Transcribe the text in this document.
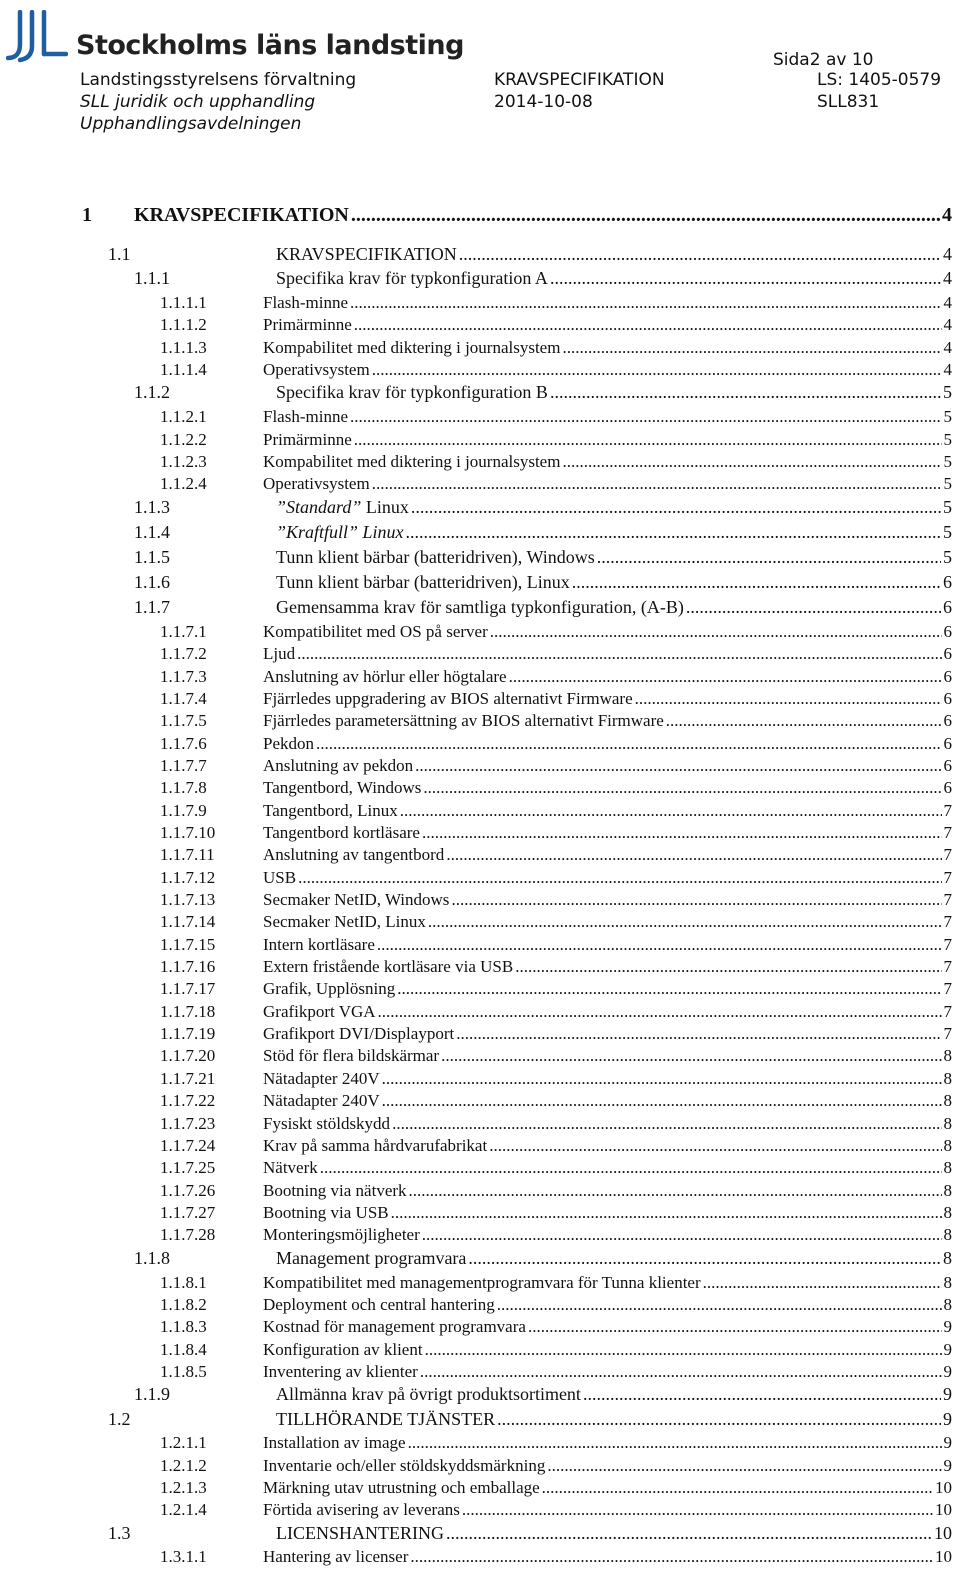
Stockholms läns landsting
Landstingsstyrelsens förvaltning
SLL juridik och upphandling
Upphandlingsavdelningen
Sida2 av 10
KRAVSPECIFIKATION
2014-10-08
LS: 1405-0579
SLL831
1 KRAVSPECIFIKATION .....	4
1.1	KRAVSPECIFIKATION .....	4
1.1.1	Specifika krav för typkonfiguration A .....	4
1.1.1.1	Flash-minne .....	4
1.1.1.2	Primärminne .....	4
1.1.1.3	Kompabilitet med diktering i journalsystem .....	4
1.1.1.4	Operativsystem .....	4
1.1.2	Specifika krav för typkonfiguration B .....	5
1.1.2.1	Flash-minne .....	5
1.1.2.2	Primärminne .....	5
1.1.2.3	Kompabilitet med diktering i journalsystem .....	5
1.1.2.4	Operativsystem .....	5
1.1.3	”Standard” Linux .....	5
1.1.4	”Kraftfull” Linux .....	5
1.1.5	Tunn klient bärbar (batteridriven), Windows .....	5
1.1.6	Tunn klient bärbar (batteridriven), Linux .....	6
1.1.7	Gemensamma krav för samtliga typkonfiguration, (A-B) .....	6
1.1.7.1	Kompatibilitet med OS på server .....	6
1.1.7.2	Ljud .....	6
1.1.7.3	Anslutning av hörlur eller högtalare .....	6
1.1.7.4	Fjärrledes uppgradering av BIOS alternativt Firmware .....	6
1.1.7.5	Fjärrledes parametersättning av BIOS alternativt Firmware .....	6
1.1.7.6	Pekdon .....	6
1.1.7.7	Anslutning av pekdon .....	6
1.1.7.8	Tangentbord, Windows .....	6
1.1.7.9	Tangentbord, Linux .....	7
1.1.7.10	Tangentbord kortläsare .....	7
1.1.7.11	Anslutning av tangentbord .....	7
1.1.7.12	USB .....	7
1.1.7.13	Secmaker NetID, Windows .....	7
1.1.7.14	Secmaker NetID, Linux .....	7
1.1.7.15	Intern kortläsare .....	7
1.1.7.16	Extern fristående kortläsare via USB .....	7
1.1.7.17	Grafik, Upplösning .....	7
1.1.7.18	Grafikport VGA .....	7
1.1.7.19	Grafikport DVI/Displayport .....	7
1.1.7.20	Stöd för flera bildskärmar .....	8
1.1.7.21	Nätadapter 240V .....	8
1.1.7.22	Nätadapter 240V .....	8
1.1.7.23	Fysiskt stöldskydd .....	8
1.1.7.24	Krav på samma hårdvarufabrikat .....	8
1.1.7.25	Nätverk .....	8
1.1.7.26	Bootning via nätverk .....	8
1.1.7.27	Bootning via USB .....	8
1.1.7.28	Monteringsmöjligheter .....	8
1.1.8	Management programvara .....	8
1.1.8.1	Kompatibilitet med managementprogramvara för Tunna klienter .....	8
1.1.8.2	Deployment och central hantering .....	8
1.1.8.3	Kostnad för management programvara .....	9
1.1.8.4	Konfiguration av klient .....	9
1.1.8.5	Inventering av klienter .....	9
1.1.9	Allmänna krav på övrigt produktsortiment .....	9
1.2	TILLHÖRANDE TJÄNSTER .....	9
1.2.1.1	Installation av image .....	9
1.2.1.2	Inventarie och/eller stöldskyddsmärkning .....	9
1.2.1.3	Märkning utav utrustning och emballage .....	10
1.2.1.4	Förtida avisering av leverans .....	10
1.3	LICENSHANTERING .....	10
1.3.1.1	Hantering av licenser .....	10
